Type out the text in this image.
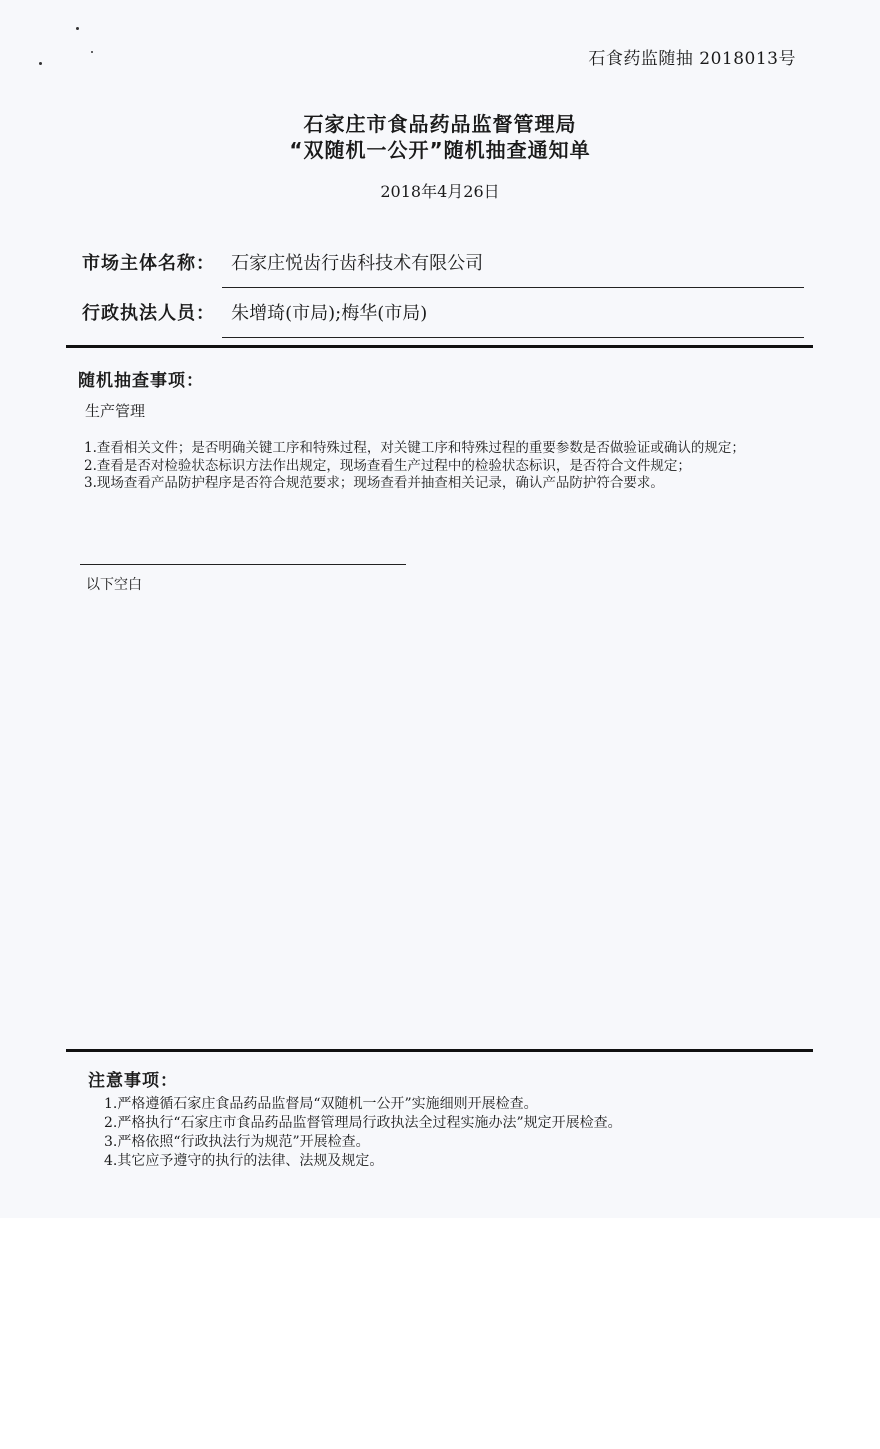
石食药监随抽 2018013号
石家庄市食品药品监督管理局
“双随机一公开”随机抽查通知单
2018年4月26日
市场主体名称： 石家庄悦齿行齿科技术有限公司
行政执法人员： 朱增琦(市局);梅华(市局)
随机抽查事项：
生产管理

1.查看相关文件；是否明确关键工序和特殊过程，对关键工序和特殊过程的重要参数是否做验证或确认的规定；

2.查看是否对检验状态标识方法作出规定，现场查看生产过程中的检验状态标识，是否符合文件规定；

3.现场查看产品防护程序是否符合规范要求；现场查看并抽查相关记录，确认产品防护符合要求。

以下空白
注意事项：

1.严格遵循石家庄食品药品监督局“双随机一公开”实施细则开展检查。

2.严格执行“石家庄市食品药品监督管理局行政执法全过程实施办法”规定开展检查。

3.严格依照“行政执法行为规范”开展检查。

4.其它应予遵守的执行的法律、法规及规定。
